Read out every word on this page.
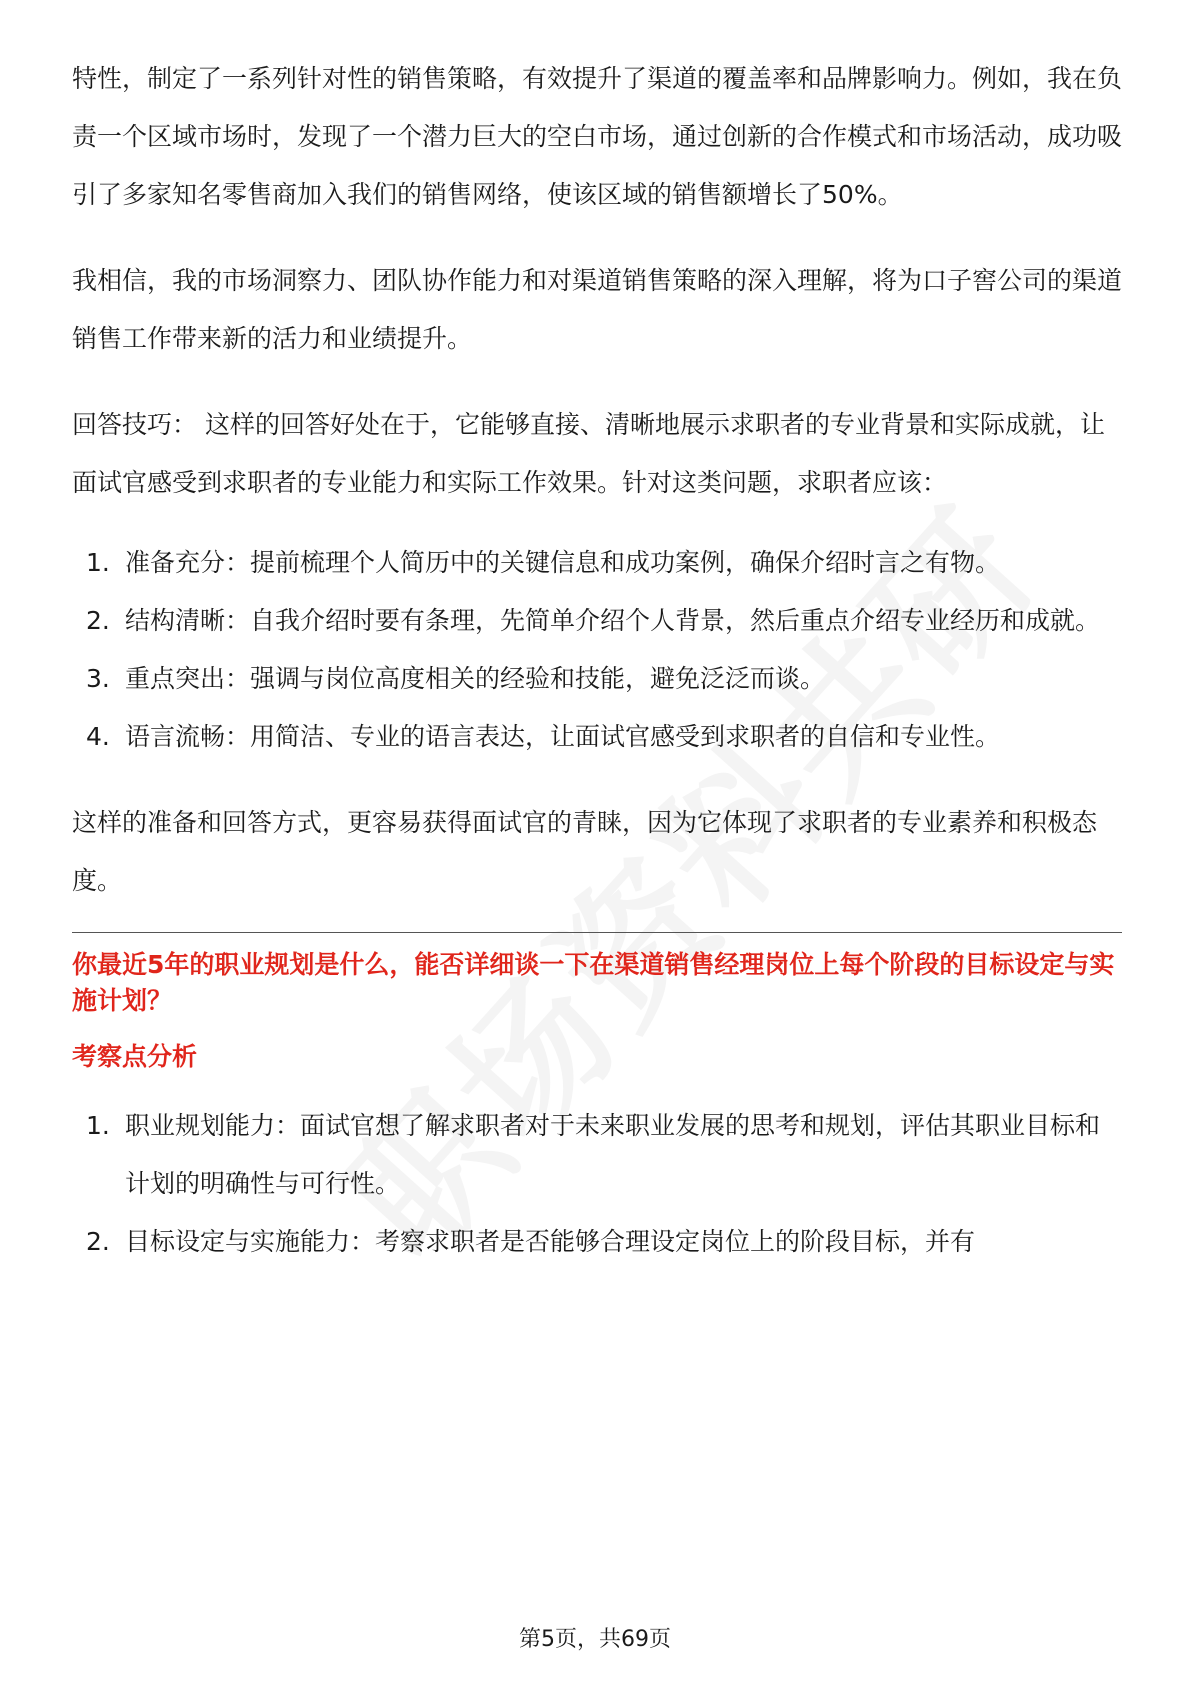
特性，制定了一系列针对性的销售策略，有效提升了渠道的覆盖率和品牌影响力。例如，我在负责一个区域市场时，发现了一个潜力巨大的空白市场，通过创新的合作模式和市场活动，成功吸引了多家知名零售商加入我们的销售网络，使该区域的销售额增长了50%。

我相信，我的市场洞察力、团队协作能力和对渠道销售策略的深入理解，将为口子窖公司的渠道销售工作带来新的活力和业绩提升。

回答技巧： 这样的回答好处在于，它能够直接、清晰地展示求职者的专业背景和实际成就，让面试官感受到求职者的专业能力和实际工作效果。针对这类问题，求职者应该：

1. 准备充分：提前梳理个人简历中的关键信息和成功案例，确保介绍时言之有物。
2. 结构清晰：自我介绍时要有条理，先简单介绍个人背景，然后重点介绍专业经历和成就。
3. 重点突出：强调与岗位高度相关的经验和技能，避免泛泛而谈。
4. 语言流畅：用简洁、专业的语言表达，让面试官感受到求职者的自信和专业性。

这样的准备和回答方式，更容易获得面试官的青睐，因为它体现了求职者的专业素养和积极态度。

你最近5年的职业规划是什么，能否详细谈一下在渠道销售经理岗位上每个阶段的目标设定与实施计划？
考察点分析
1. 职业规划能力：面试官想了解求职者对于未来职业发展的思考和规划，评估其职业目标和计划的明确性与可行性。
2. 目标设定与实施能力：考察求职者是否能够合理设定岗位上的阶段目标，并有
第5页，共69页
